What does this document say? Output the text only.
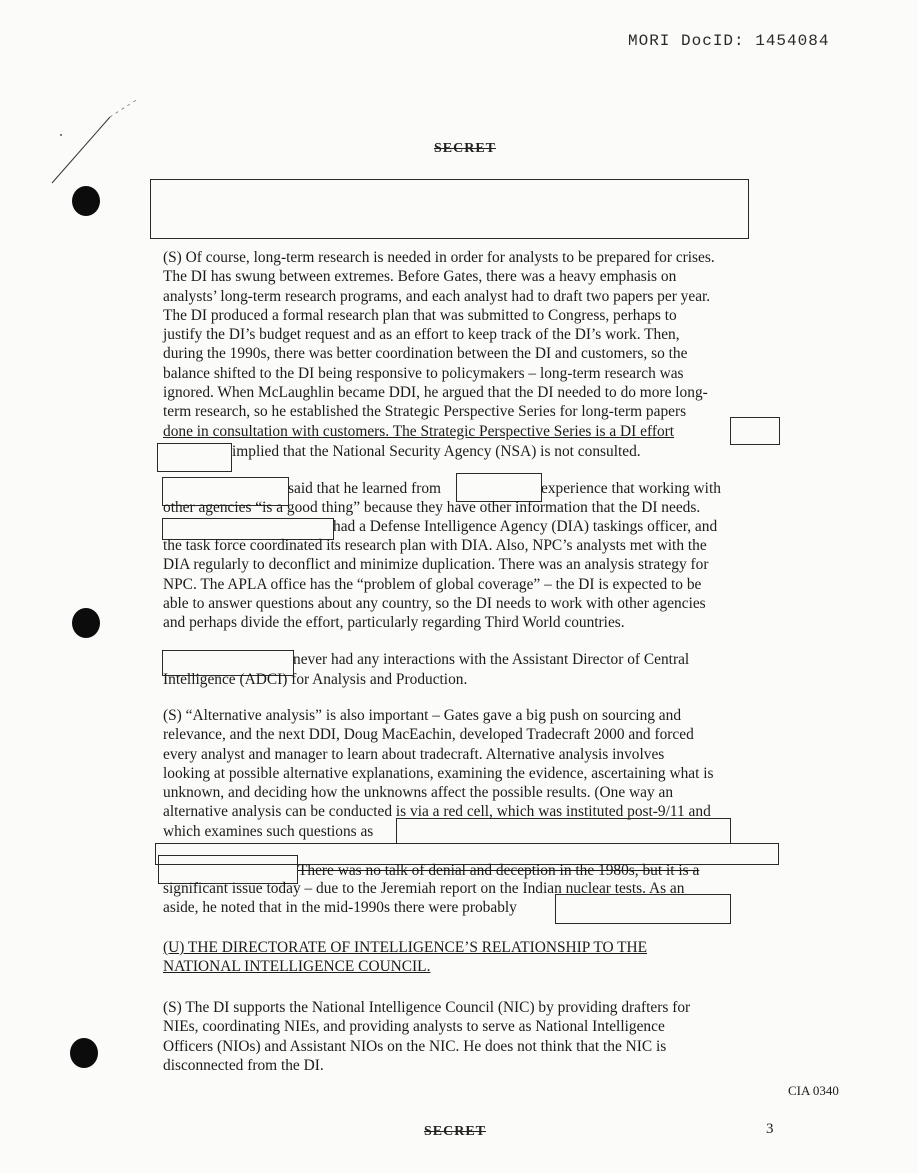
MORI DocID: 1454084
SECRET
(S) Of course, long-term research is needed in order for analysts to be prepared for crises.
The DI has swung between extremes. Before Gates, there was a heavy emphasis on
analysts’ long-term research programs, and each analyst had to draft two papers per year.
The DI produced a formal research plan that was submitted to Congress, perhaps to
justify the DI’s budget request and as an effort to keep track of the DI’s work. Then,
during the 1990s, there was better coordination between the DI and customers, so the
balance shifted to the DI being responsive to policymakers – long-term research was
ignored. When McLaughlin became DDI, he argued that the DI needed to do more long-
term research, so he established the Strategic Perspective Series for long-term papers
done in consultation with customers. The Strategic Perspective Series is a DI effort
implied that the National Security Agency (NSA) is not consulted.
said that he learned from	experience that working with
other agencies “is a good thing” because they have other information that the DI needs.
had a Defense Intelligence Agency (DIA) taskings officer, and
the task force coordinated its research plan with DIA. Also, NPC’s analysts met with the
DIA regularly to deconflict and minimize duplication. There was an analysis strategy for
NPC. The APLA office has the “problem of global coverage” – the DI is expected to be
able to answer questions about any country, so the DI needs to work with other agencies
and perhaps divide the effort, particularly regarding Third World countries.
never had any interactions with the Assistant Director of Central
Intelligence (ADCI) for Analysis and Production.
(S) “Alternative analysis” is also important – Gates gave a big push on sourcing and
relevance, and the next DDI, Doug MacEachin, developed Tradecraft 2000 and forced
every analyst and manager to learn about tradecraft. Alternative analysis involves
looking at possible alternative explanations, examining the evidence, ascertaining what is
unknown, and deciding how the unknowns affect the possible results. (One way an
alternative analysis can be conducted is via a red cell, which was instituted post-9/11 and
which examines such questions as
There was no talk of denial and deception in the 1980s, but it is a
significant issue today – due to the Jeremiah report on the Indian nuclear tests. As an
aside, he noted that in the mid-1990s there were probably
(U) THE DIRECTORATE OF INTELLIGENCE’S RELATIONSHIP TO THE
NATIONAL INTELLIGENCE COUNCIL.
(S) The DI supports the National Intelligence Council (NIC) by providing drafters for
NIEs, coordinating NIEs, and providing analysts to serve as National Intelligence
Officers (NIOs) and Assistant NIOs on the NIC. He does not think that the NIC is
disconnected from the DI.
CIA 0340
SECRET	3
